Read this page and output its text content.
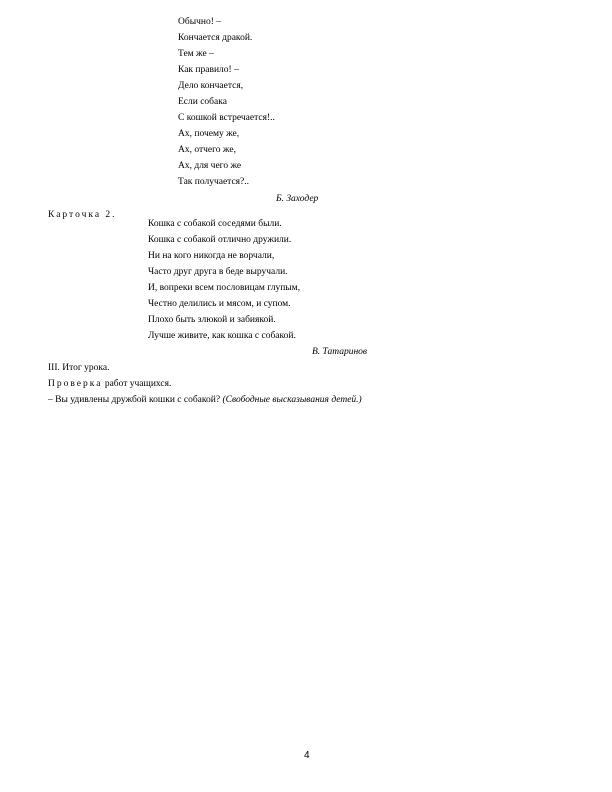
Обычно! –
Кончается дракой.
Тем же –
Как правило! –
Дело кончается,
Если собака
С кошкой встречается!..
Ах, почему же,
Ах, отчего же,
Ах, для чего же
Так получается?..
Б. Заходер
Карточка 2.
Кошка с собакой соседями были.
Кошка с собакой отлично дружили.
Ни на кого никогда не ворчали,
Часто друг друга в беде выручали.
И, вопреки всем пословицам глупым,
Честно делились и мясом, и супом.
Плохо быть злюкой и забиякой.
Лучше живите, как кошка с собакой.
В. Татаринов
III. Итог урока.
Проверка работ учащихся.
– Вы удивлены дружбой кошки с собакой? (Свободные высказывания детей.)
4
